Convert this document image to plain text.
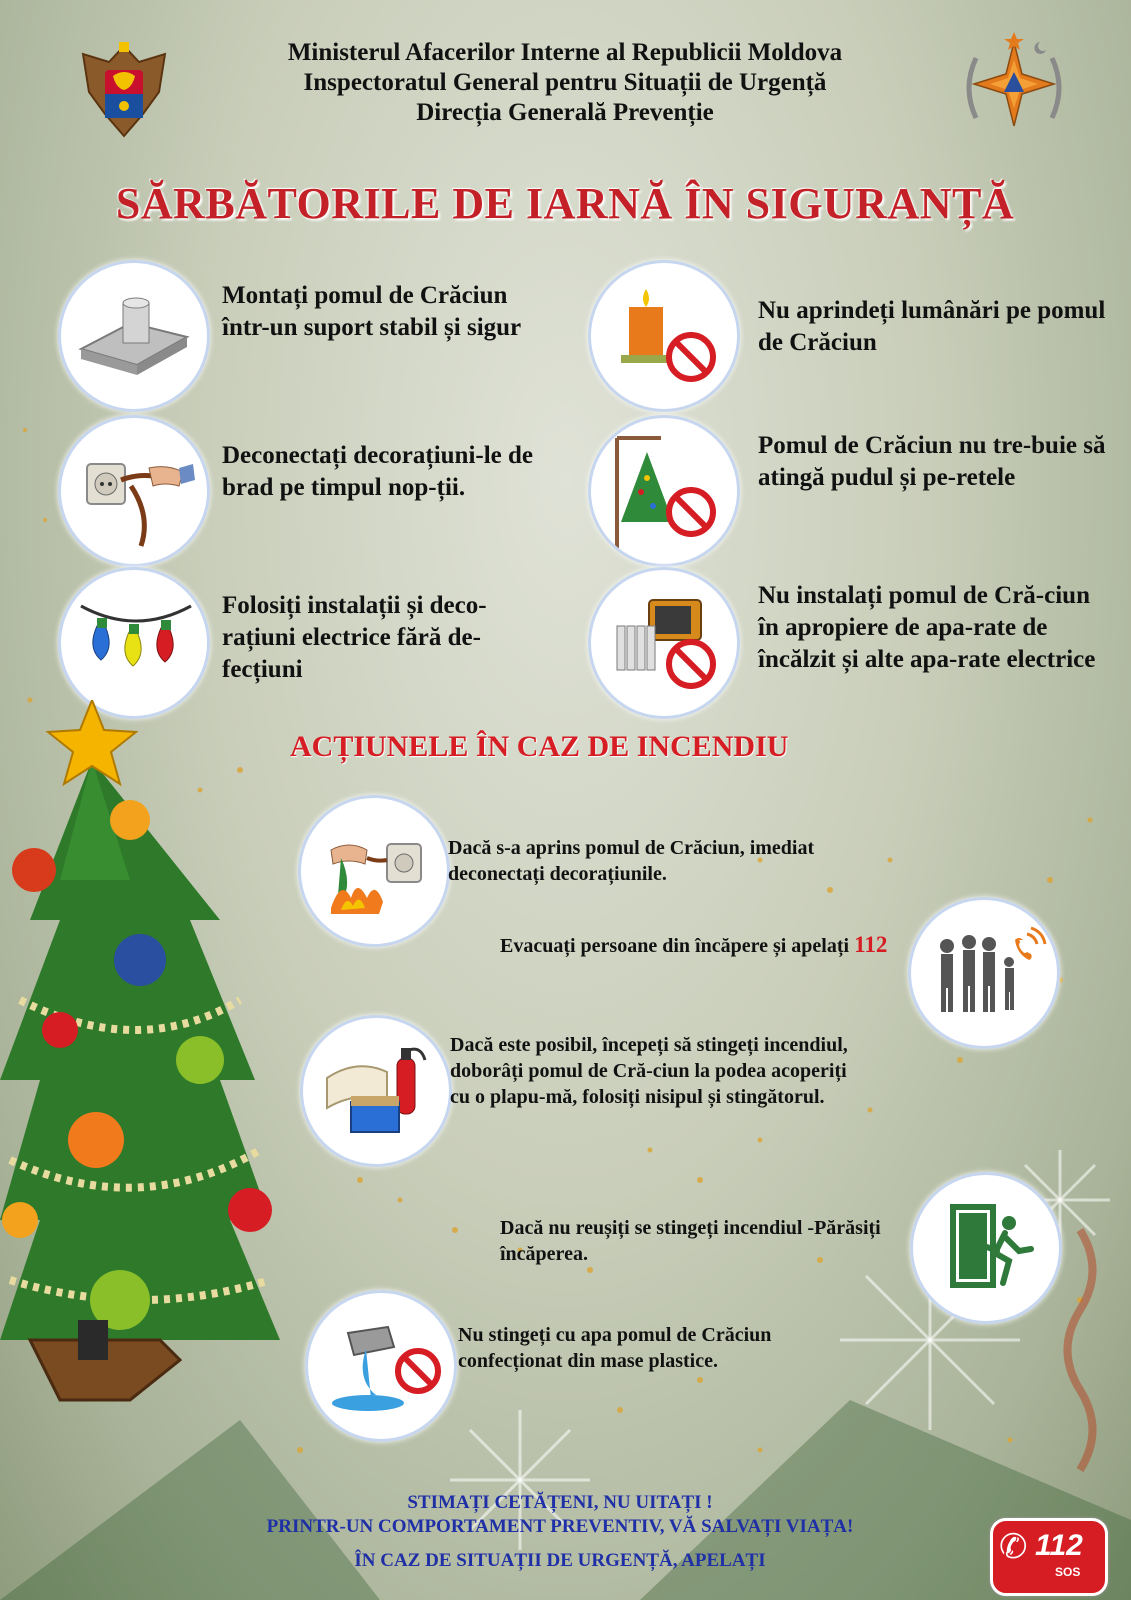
Ministerul Afacerilor Interne al Republicii Moldova
Inspectoratul General pentru Situații de Urgență
Direcția Generală Prevenție
SĂRBĂTORILE DE IARNĂ ÎN SIGURANȚĂ
Montați pomul de Crăciun într-un suport stabil și sigur
Deconectați decorațiuni-le de brad pe timpul nop-ții.
Folosiți instalații și deco-rațiuni electrice fără de-fecțiuni
Nu aprindeți lumânări pe pomul de Crăciun
Pomul de Crăciun nu tre-buie să atingă pudul și pe-retele
Nu instalați pomul de Cră-ciun în apropiere de apa-rate de încălzit și alte apa-rate electrice
ACȚIUNELE ÎN CAZ DE INCENDIU
Dacă s-a aprins pomul de Crăciun, imediat deconectați decorațiunile.
Evacuați persoane din încăpere și apelați 112
Dacă este posibil, începeți să stingeți incendiul, doborâți pomul de Cră-ciun la podea acoperiți cu o plapu-mă, folosiți nisipul și stingătorul.
Dacă nu reușiți se stingeți incendiul -Părăsiți încăperea.
Nu stingeți cu apa pomul de Crăciun confecționat din mase plastice.
STIMAȚI CETĂȚENI, NU UITAȚI !
PRINTR-UN COMPORTAMENT PREVENTIV, VĂ SALVAȚI VIAȚA!
ÎN CAZ DE SITUAȚII DE URGENȚĂ, APELAȚI	✆ 112
SOS
